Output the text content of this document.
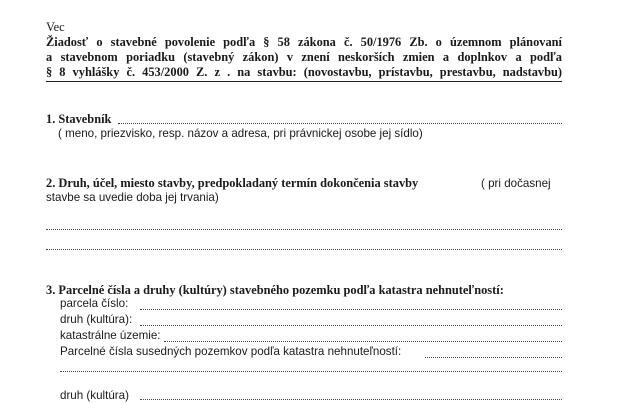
Vec
Žiadosť o stavebné povolenie podľa § 58 zákona č. 50/1976 Zb. o územnom plánovaní
a stavebnom poriadku (stavebný zákon) v znení neskorších zmien a doplnkov a podľa
§ 8 vyhlášky č. 453/2000 Z. z . na stavbu: (novostavbu, prístavbu, prestavbu, nadstavbu)
1. Stavebník
( meno, priezvisko, resp. názov a adresa, pri právnickej osobe jej sídlo)
2. Druh, účel, miesto stavby, predpokladaný termín dokončenia stavby	( pri dočasnej
stavbe sa uvedie doba jej trvania)
3. Parcelné čísla a druhy (kultúry) stavebného pozemku podľa katastra nehnuteľností:
parcela číslo:
druh (kultúra):
katastrálne územie:
Parcelné čísla susedných pozemkov podľa katastra nehnuteľností:
druh (kultúra)
